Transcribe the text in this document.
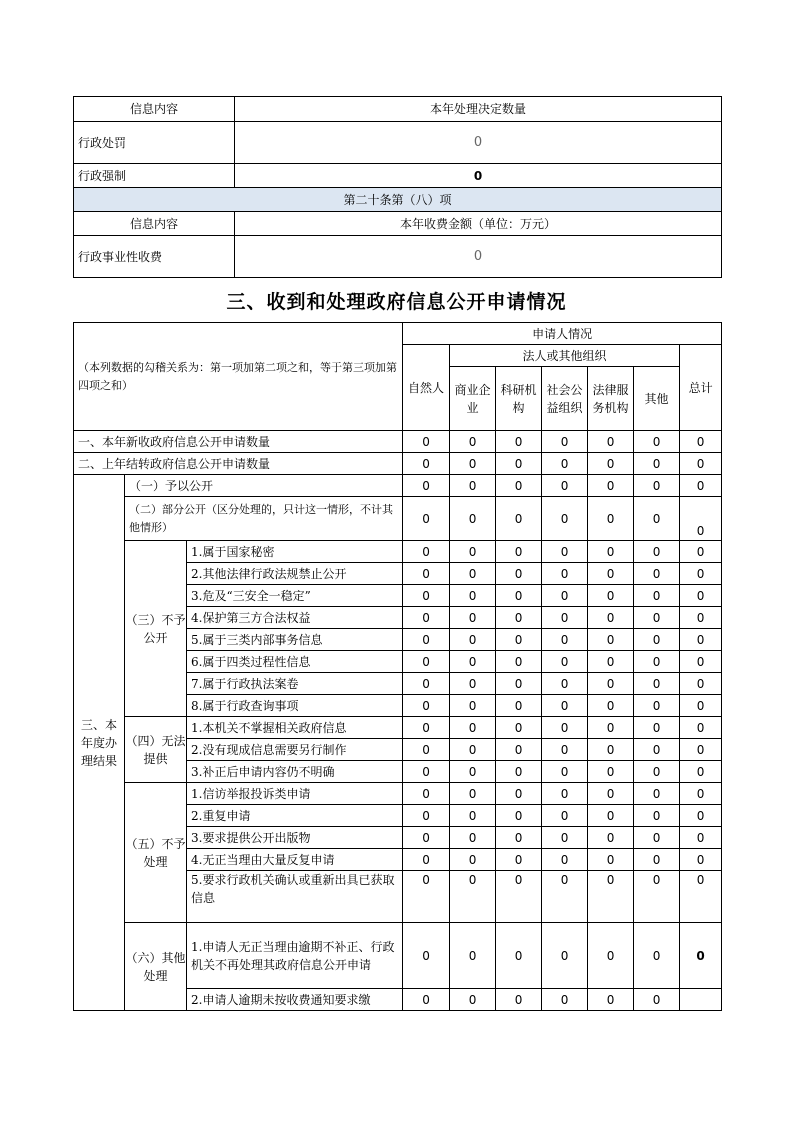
信息内容	本年处理决定数量
行政处罚	0
行政强制	0
第二十条第（八）项	
信息内容	本年收费金额（单位：万元）
行政事业性收费	0
三、收到和处理政府信息公开申请情况
（本列数据的勾稽关系为：第一项加第二项之和，等于第三项加第四项之和）			申请人情况						
			自然人	法人或其他组织					总计
				商业企业	科研机构	社会公益组织	法律服务机构	其他	
一、本年新收政府信息公开申请数量			0	0	0	0	0	0	0
二、上年结转政府信息公开申请数量			0	0	0	0	0	0	0
三、本年度办理结果	（一）予以公开		0	0	0	0	0	0	0
	（二）部分公开（区分处理的，只计这一情形，不计其他情形）		0	0	0	0	0	0	0
	（三）不予公开	1.属于国家秘密	0	0	0	0	0	0	0
		2.其他法律行政法规禁止公开	0	0	0	0	0	0	0
		3.危及“三安全一稳定”	0	0	0	0	0	0	0
		4.保护第三方合法权益	0	0	0	0	0	0	0
		5.属于三类内部事务信息	0	0	0	0	0	0	0
		6.属于四类过程性信息	0	0	0	0	0	0	0
		7.属于行政执法案卷	0	0	0	0	0	0	0
		8.属于行政查询事项	0	0	0	0	0	0	0
	（四）无法提供	1.本机关不掌握相关政府信息	0	0	0	0	0	0	0
		2.没有现成信息需要另行制作	0	0	0	0	0	0	0
		3.补正后申请内容仍不明确	0	0	0	0	0	0	0
	（五）不予处理	1.信访举报投诉类申请	0	0	0	0	0	0	0
		2.重复申请	0	0	0	0	0	0	0
		3.要求提供公开出版物	0	0	0	0	0	0	0
		4.无正当理由大量反复申请	0	0	0	0	0	0	0
		5.要求行政机关确认或重新出具已获取信息	0	0	0	0	0	0	0
	（六）其他处理	1.申请人无正当理由逾期不补正、行政机关不再处理其政府信息公开申请	0	0	0	0	0	0	0
		2.申请人逾期未按收费通知要求缴	0	0	0	0	0	0	
